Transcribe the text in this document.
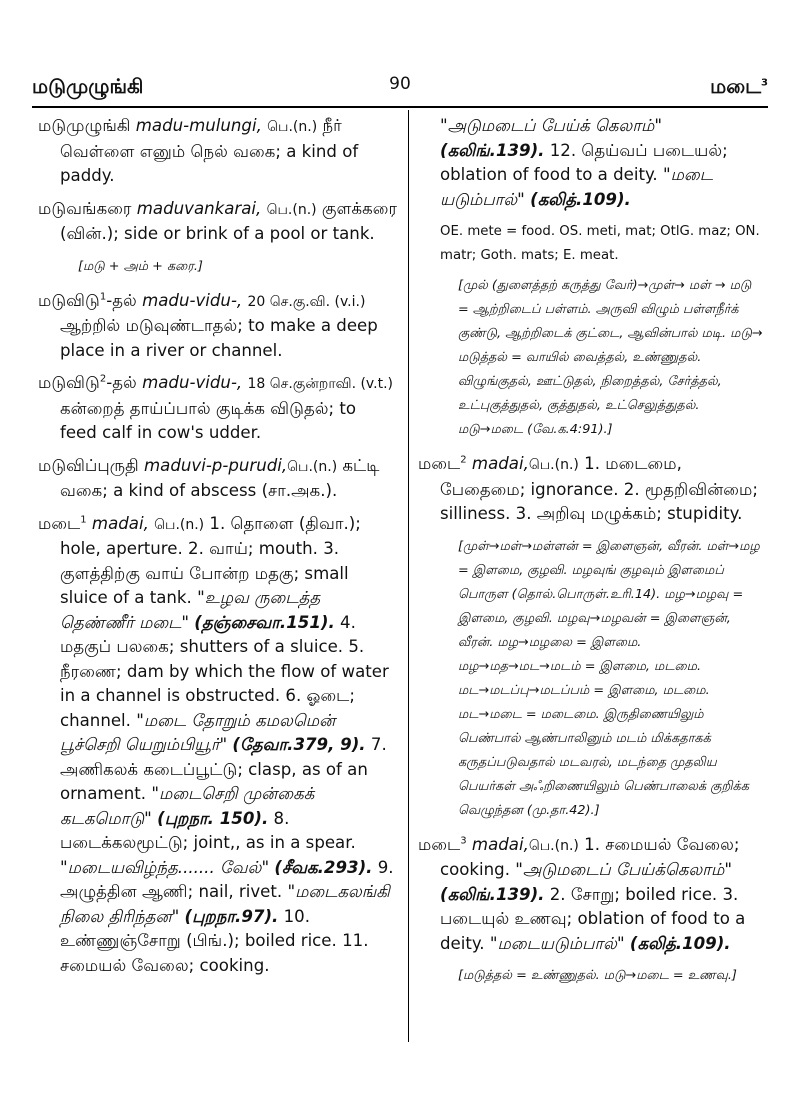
மடுமுழுங்கி	90	மடை$^3$
மடுமுழுங்கி madu-mulungi, பெ.(n.) நீர் வெள்ளை எனும் நெல் வகை; a kind of paddy.
மடுவங்கரை maduvankarai, பெ.(n.) குளக்கரை (வின்.); side or brink of a pool or tank.
[மடு + அம் + கரை.]
மடுவிடு$^1$-தல் madu-vidu-, 20 செ.கு.வி. (v.i.) ஆற்றில் மடுவுண்டாதல்; to make a deep place in a river or channel.
மடுவிடு$^2$-தல் madu-vidu-, 18 செ.குன்றாவி. (v.t.) கன்றைத் தாய்ப்பால் குடிக்க விடுதல்; to feed calf in cow's udder.
மடுவிப்புருதி maduvi-p-purudi,பெ.(n.) கட்டி வகை; a kind of abscess (சா.அக.).
மடை$^1$ madai, பெ.(n.) 1. தொளை (திவா.); hole, aperture. 2. வாய்; mouth. 3. குளத்திற்கு வாய் போன்ற மதகு; small sluice of a tank. "உழவ ருடைத்த தெண்ணீர் மடை" (தஞ்சைவா.151). 4. மதகுப் பலகை; shutters of a sluice. 5. நீரணை; dam by which the flow of water in a channel is obstructed. 6. ஓடை; channel. "மடை தோறும் கமலமென் பூச்செறி யெறும்பியூர்" (தேவா.379, 9). 7. அணிகலக் கடைப்பூட்டு; clasp, as of an ornament. "மடைசெறி முன்கைக் கடகமொடு" (புறநா. 150). 8. படைக்கலமூட்டு; joint,, as in a spear. "மடையவிழ்ந்த....... வேல்" (சீவக.293). 9. அழுத்தின ஆணி; nail, rivet. "மடைகலங்கி நிலை திரிந்தன" (புறநா.97). 10. உண்ணுஞ்சோறு (பிங்.); boiled rice. 11. சமையல் வேலை; cooking.
"அடுமடைப் பேய்க் கெலாம்" (கலிங்.139). 12. தெய்வப் படையல்; oblation of food to a deity. "மடை யடும்பால்" (கலித்.109).
OE. mete = food. OS. meti, mat; OtlG. maz; ON. matr; Goth. mats; E. meat.
[முல் (துளைத்தற் கருத்து வேர்)→முள்→ மள் → மடு = ஆற்றிடைப் பள்ளம். அருவி விழும் பள்ளநீர்க் குண்டு, ஆற்றிடைக் குட்டை, ஆவின்பால் மடி. மடு→ மடுத்தல் = வாயில் வைத்தல், உண்ணுதல். விழுங்குதல், ஊட்டுதல், நிறைத்தல், சேர்த்தல், உட்புகுத்துதல், குத்துதல், உட்செலுத்துதல். மடு→மடை (வே.க.4:91).]
மடை$^2$ madai,பெ.(n.) 1. மடைமை, பேதைமை; ignorance. 2. மூதறிவின்மை; silliness. 3. அறிவு மழுக்கம்; stupidity.
[முள்→மள்→மள்ளன் = இளைஞன், வீரன். மள்→மழ = இளமை, குழவி. மழவுங் குழவும் இளமைப் பொருள (தொல்.பொருள்.உரி.14). மழ→மழவு = இளமை, குழவி. மழவு→மழவன் = இளைஞன், வீரன். மழ→மழலை = இளமை. மழ→மத→மட→மடம் = இளமை, மடமை. மட→மடப்பு→மடப்பம் = இளமை, மடமை. மட→மடை = மடைமை. இருதிணையிலும் பெண்பால் ஆண்பாலினும் மடம் மிக்கதாகக் கருதப்படுவதால் மடவரல், மடந்தை முதலிய பெயர்கள் அஃறிணையிலும் பெண்பாலைக் குறிக்க வெழுந்தன (மு.தா.42).]
மடை$^3$ madai,பெ.(n.) 1. சமையல் வேலை; cooking. "அடுமடைப் பேய்க்கெலாம்" (கலிங்.139). 2. சோறு; boiled rice. 3. படையுல் உணவு; oblation of food to a deity. "மடையடும்பால்" (கலித்.109).
[மடுத்தல் = உண்ணுதல். மடு→மடை = உணவு.]
